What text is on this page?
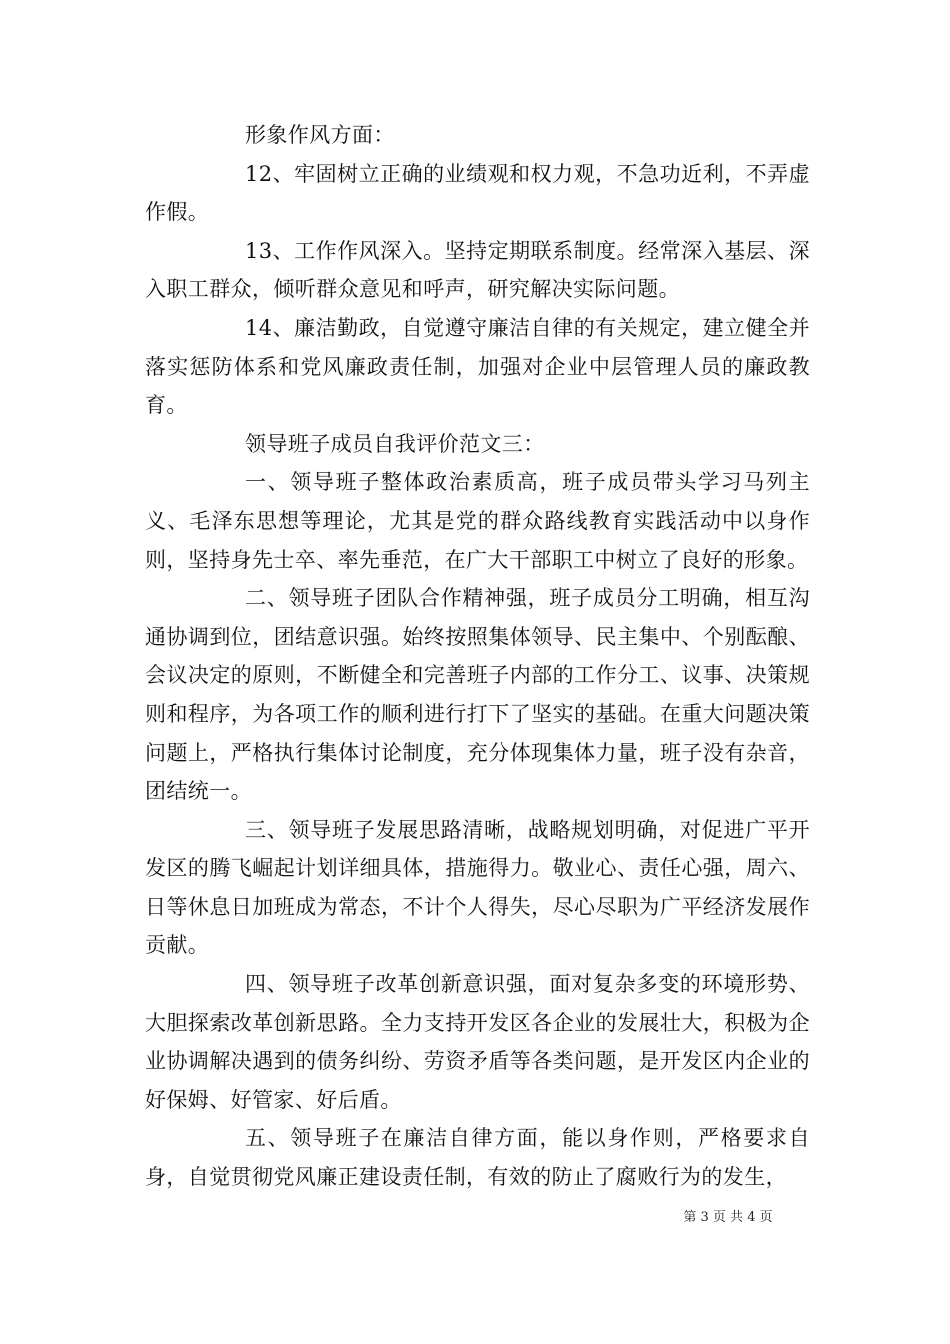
形象作风方面：

12、牢固树立正确的业绩观和权力观，不急功近利，不弄虚作假。

13、工作作风深入。坚持定期联系制度。经常深入基层、深入职工群众，倾听群众意见和呼声，研究解决实际问题。

14、廉洁勤政，自觉遵守廉洁自律的有关规定，建立健全并落实惩防体系和党风廉政责任制，加强对企业中层管理人员的廉政教育。

领导班子成员自我评价范文三：

一、领导班子整体政治素质高，班子成员带头学习马列主义、毛泽东思想等理论，尤其是党的群众路线教育实践活动中以身作则，坚持身先士卒、率先垂范，在广大干部职工中树立了良好的形象。

二、领导班子团队合作精神强，班子成员分工明确，相互沟通协调到位，团结意识强。始终按照集体领导、民主集中、个别酝酿、会议决定的原则，不断健全和完善班子内部的工作分工、议事、决策规则和程序，为各项工作的顺利进行打下了坚实的基础。在重大问题决策问题上，严格执行集体讨论制度，充分体现集体力量，班子没有杂音，团结统一。

三、领导班子发展思路清晰，战略规划明确，对促进广平开发区的腾飞崛起计划详细具体，措施得力。敬业心、责任心强，周六、日等休息日加班成为常态，不计个人得失，尽心尽职为广平经济发展作贡献。

四、领导班子改革创新意识强，面对复杂多变的环境形势、大胆探索改革创新思路。全力支持开发区各企业的发展壮大，积极为企业协调解决遇到的债务纠纷、劳资矛盾等各类问题，是开发区内企业的好保姆、好管家、好后盾。

五、领导班子在廉洁自律方面，能以身作则，严格要求自身，自觉贯彻党风廉正建设责任制，有效的防止了腐败行为的发生，

第 3 页 共 4 页
